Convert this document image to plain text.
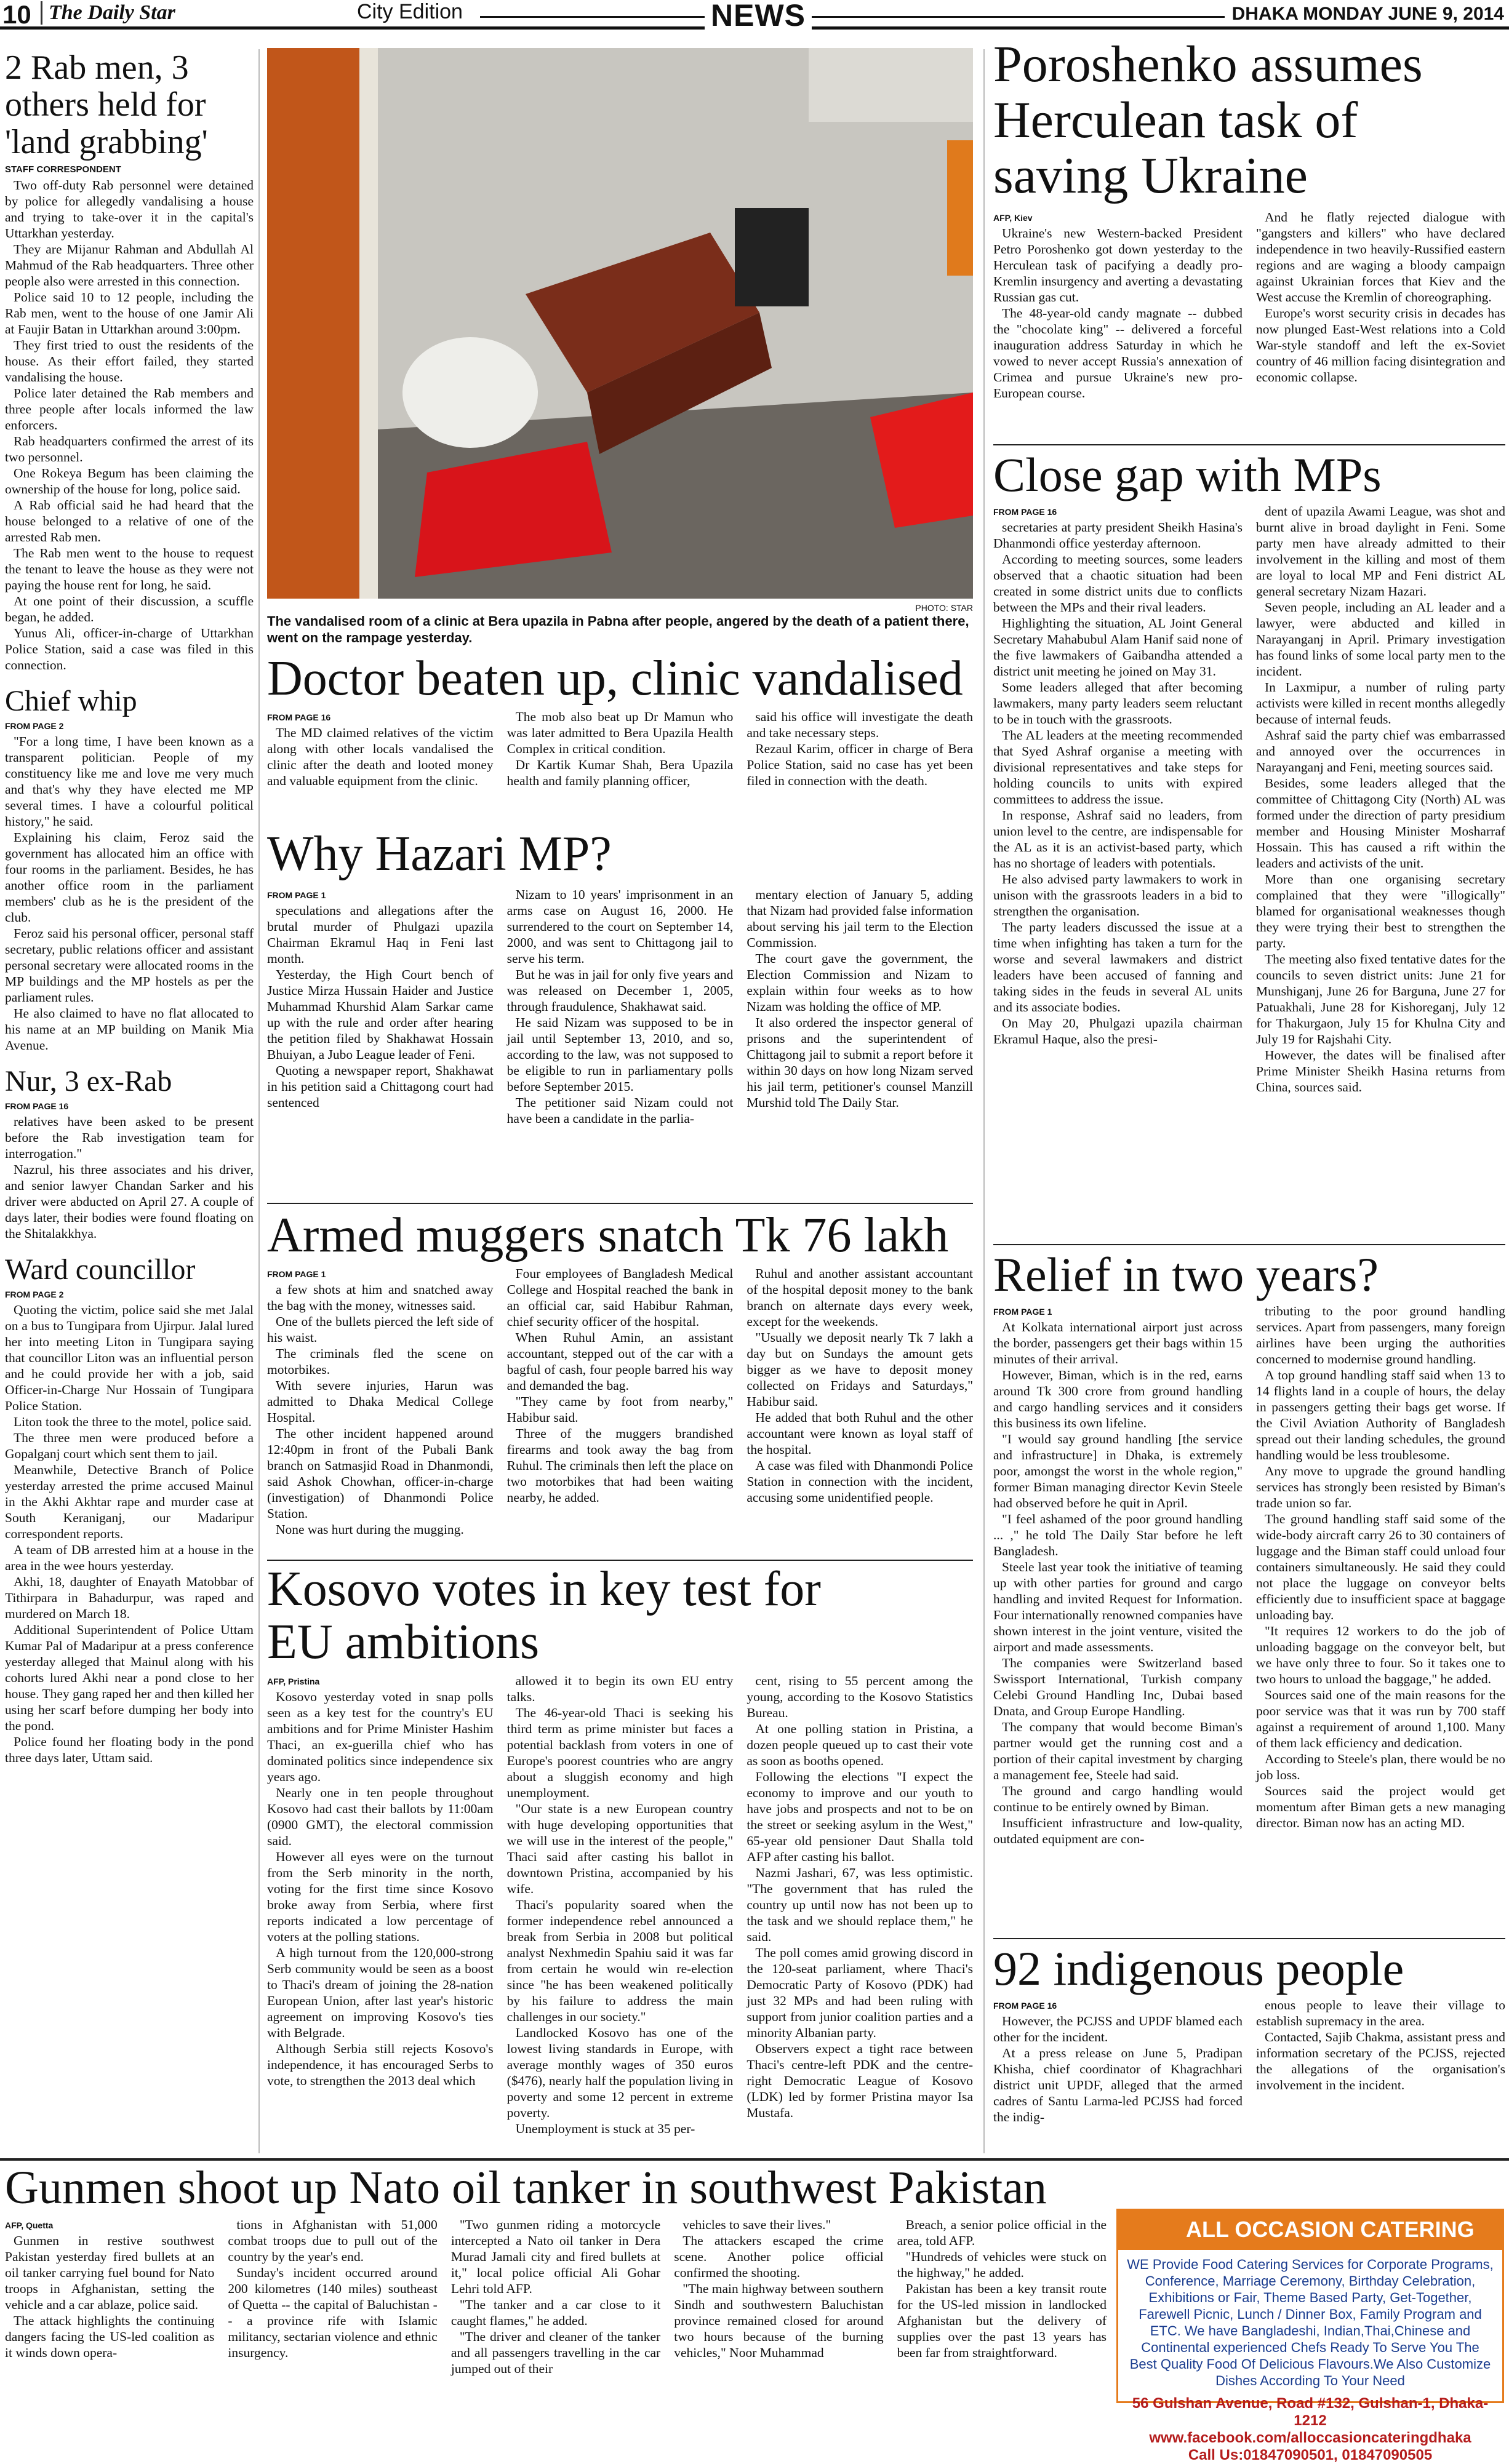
10 The Daily Star	City Edition	NEWS	DHAKA MONDAY JUNE 9, 2014
2 Rab men, 3 others held for 'land grabbing'
STAFF CORRESPONDENT

Two off-duty Rab personnel were detained by police for allegedly vandalising a house and trying to take-over it in the capital's Uttarkhan yesterday.

They are Mijanur Rahman and Abdullah Al Mahmud of the Rab headquarters. Three other people also were arrested in this connection.

Police said 10 to 12 people, including the Rab men, went to the house of one Jamir Ali at Faujir Batan in Uttarkhan around 3:00pm.

They first tried to oust the residents of the house. As their effort failed, they started vandalising the house.

Police later detained the Rab members and three people after locals informed the law enforcers.

Rab headquarters confirmed the arrest of its two personnel.

One Rokeya Begum has been claiming the ownership of the house for long, police said.

A Rab official said he had heard that the house belonged to a relative of one of the arrested Rab men.

The Rab men went to the house to request the tenant to leave the house as they were not paying the house rent for long, he said.

At one point of their discussion, a scuffle began, he added.

Yunus Ali, officer-in-charge of Uttarkhan Police Station, said a case was filed in this connection.

Chief whip
FROM PAGE 2

"For a long time, I have been known as a transparent politician. People of my constituency like me and love me very much and that's why they have elected me MP several times. I have a colourful political history," he said.

Explaining his claim, Feroz said the government has allocated him an office with four rooms in the parliament. Besides, he has another office room in the parliament members' club as he is the president of the club.

Feroz said his personal officer, personal staff secretary, public relations officer and assistant personal secretary were allocated rooms in the MP buildings and the MP hostels as per the parliament rules.

He also claimed to have no flat allocated to his name at an MP building on Manik Mia Avenue.

Nur, 3 ex-Rab
FROM PAGE 16

relatives have been asked to be present before the Rab investigation team for interrogation."

Nazrul, his three associates and his driver, and senior lawyer Chandan Sarker and his driver were abducted on April 27. A couple of days later, their bodies were found floating on the Shitalakkhya.

Ward councillor
FROM PAGE 2

Quoting the victim, police said she met Jalal on a bus to Tungipara from Ujirpur. Jalal lured her into meeting Liton in Tungipara saying that councillor Liton was an influential person and he could provide her with a job, said Officer-in-Charge Nur Hossain of Tungipara Police Station.

Liton took the three to the motel, police said.

The three men were produced before a Gopalganj court which sent them to jail.

Meanwhile, Detective Branch of Police yesterday arrested the prime accused Mainul in the Akhi Akhtar rape and murder case at South Keraniganj, our Madaripur correspondent reports.

A team of DB arrested him at a house in the area in the wee hours yesterday.

Akhi, 18, daughter of Enayath Matobbar of Tithirpara in Bahadurpur, was raped and murdered on March 18.

Additional Superintendent of Police Uttam Kumar Pal of Madaripur at a press conference yesterday alleged that Mainul along with his cohorts lured Akhi near a pond close to her house. They gang raped her and then killed her using her scarf before dumping her body into the pond.

Police found her floating body in the pond three days later, Uttam said.

PHOTO: STAR
The vandalised room of a clinic at Bera upazila in Pabna after people, angered by the death of a patient there, went on the rampage yesterday.
Doctor beaten up, clinic vandalised
FROM PAGE 16

The MD claimed relatives of the victim along with other locals vandalised the clinic after the death and looted money and valuable equipment from the clinic.

The mob also beat up Dr Mamun who was later admitted to Bera Upazila Health Complex in critical condition.

Dr Kartik Kumar Shah, Bera Upazila health and family planning officer,

said his office will investigate the death and take necessary steps.

Rezaul Karim, officer in charge of Bera Police Station, said no case has yet been filed in connection with the death.

Why Hazari MP?
FROM PAGE 1

speculations and allegations after the brutal murder of Phulgazi upazila Chairman Ekramul Haq in Feni last month.

Yesterday, the High Court bench of Justice Mirza Hussain Haider and Justice Muhammad Khurshid Alam Sarkar came up with the rule and order after hearing the petition filed by Shakhawat Hossain Bhuiyan, a Jubo League leader of Feni.

Quoting a newspaper report, Shakhawat in his petition said a Chittagong court had sentenced

Nizam to 10 years' imprisonment in an arms case on August 16, 2000. He surrendered to the court on September 14, 2000, and was sent to Chittagong jail to serve his term.

But he was in jail for only five years and was released on December 1, 2005, through fraudulence, Shakhawat said.

He said Nizam was supposed to be in jail until September 13, 2010, and so, according to the law, was not supposed to be eligible to run in parliamentary polls before September 2015.

The petitioner said Nizam could not have been a candidate in the parlia-

mentary election of January 5, adding that Nizam had provided false information about serving his jail term to the Election Commission.

The court gave the government, the Election Commission and Nizam to explain within four weeks as to how Nizam was holding the office of MP.

It also ordered the inspector general of prisons and the superintendent of Chittagong jail to submit a report before it within 30 days on how long Nizam served his jail term, petitioner's counsel Manzill Murshid told The Daily Star.

Armed muggers snatch Tk 76 lakh
FROM PAGE 1

a few shots at him and snatched away the bag with the money, witnesses said.

One of the bullets pierced the left side of his waist.

The criminals fled the scene on motorbikes.

With severe injuries, Harun was admitted to Dhaka Medical College Hospital.

The other incident happened around 12:40pm in front of the Pubali Bank branch on Satmasjid Road in Dhanmondi, said Ashok Chowhan, officer-in-charge (investigation) of Dhanmondi Police Station.

None was hurt during the mugging.

Four employees of Bangladesh Medical College and Hospital reached the bank in an official car, said Habibur Rahman, chief security officer of the hospital.

When Ruhul Amin, an assistant accountant, stepped out of the car with a bagful of cash, four people barred his way and demanded the bag.

"They came by foot from nearby," Habibur said.

Three of the muggers brandished firearms and took away the bag from Ruhul. The criminals then left the place on two motorbikes that had been waiting nearby, he added.

Ruhul and another assistant accountant of the hospital deposit money to the bank branch on alternate days every week, except for the weekends.

"Usually we deposit nearly Tk 7 lakh a day but on Sundays the amount gets bigger as we have to deposit money collected on Fridays and Saturdays," Habibur said.

He added that both Ruhul and the other accountant were known as loyal staff of the hospital.

A case was filed with Dhanmondi Police Station in connection with the incident, accusing some unidentified people.

Kosovo votes in key test for EU ambitions
AFP, Pristina

Kosovo yesterday voted in snap polls seen as a key test for the country's EU ambitions and for Prime Minister Hashim Thaci, an ex-guerilla chief who has dominated politics since independence six years ago.

Nearly one in ten people throughout Kosovo had cast their ballots by 11:00am (0900 GMT), the electoral commission said.

However all eyes were on the turnout from the Serb minority in the north, voting for the first time since Kosovo broke away from Serbia, where first reports indicated a low percentage of voters at the polling stations.

A high turnout from the 120,000-strong Serb community would be seen as a boost to Thaci's dream of joining the 28-nation European Union, after last year's historic agreement on improving Kosovo's ties with Belgrade.

Although Serbia still rejects Kosovo's independence, it has encouraged Serbs to vote, to strengthen the 2013 deal which

allowed it to begin its own EU entry talks.

The 46-year-old Thaci is seeking his third term as prime minister but faces a potential backlash from voters in one of Europe's poorest countries who are angry about a sluggish economy and high unemployment.

"Our state is a new European country with huge developing opportunities that we will use in the interest of the people," Thaci said after casting his ballot in downtown Pristina, accompanied by his wife.

Thaci's popularity soared when the former independence rebel announced a break from Serbia in 2008 but political analyst Nexhmedin Spahiu said it was far from certain he would win re-election since "he has been weakened politically by his failure to address the main challenges in our society."

Landlocked Kosovo has one of the lowest living standards in Europe, with average monthly wages of 350 euros ($476), nearly half the population living in poverty and some 12 percent in extreme poverty.

Unemployment is stuck at 35 per-

cent, rising to 55 percent among the young, according to the Kosovo Statistics Bureau.

At one polling station in Pristina, a dozen people queued up to cast their vote as soon as booths opened.

Following the elections "I expect the economy to improve and our youth to have jobs and prospects and not to be on the street or seeking asylum in the West," 65-year old pensioner Daut Shalla told AFP after casting his ballot.

Nazmi Jashari, 67, was less optimistic. "The government that has ruled the country up until now has not been up to the task and we should replace them," he said.

The poll comes amid growing discord in the 120-seat parliament, where Thaci's Democratic Party of Kosovo (PDK) had just 32 MPs and had been ruling with support from junior coalition parties and a minority Albanian party.

Observers expect a tight race between Thaci's centre-left PDK and the centre-right Democratic League of Kosovo (LDK) led by former Pristina mayor Isa Mustafa.

Poroshenko assumes Herculean task of saving Ukraine
AFP, Kiev

Ukraine's new Western-backed President Petro Poroshenko got down yesterday to the Herculean task of pacifying a deadly pro-Kremlin insurgency and averting a devastating Russian gas cut.

The 48-year-old candy magnate -- dubbed the "chocolate king" -- delivered a forceful inauguration address Saturday in which he vowed to never accept Russia's annexation of Crimea and pursue Ukraine's new pro-European course.

And he flatly rejected dialogue with "gangsters and killers" who have declared independence in two heavily-Russified eastern regions and are waging a bloody campaign against Ukrainian forces that Kiev and the West accuse the Kremlin of choreographing.

Europe's worst security crisis in decades has now plunged East-West relations into a Cold War-style standoff and left the ex-Soviet country of 46 million facing disintegration and economic collapse.

Close gap with MPs
FROM PAGE 16

secretaries at party president Sheikh Hasina's Dhanmondi office yesterday afternoon.

According to meeting sources, some leaders observed that a chaotic situation had been created in some district units due to conflicts between the MPs and their rival leaders.

Highlighting the situation, AL Joint General Secretary Mahabubul Alam Hanif said none of the five lawmakers of Gaibandha attended a district unit meeting he joined on May 31.

Some leaders alleged that after becoming lawmakers, many party leaders seem reluctant to be in touch with the grassroots.

The AL leaders at the meeting recommended that Syed Ashraf organise a meeting with divisional representatives and take steps for holding councils to units with expired committees to address the issue.

In response, Ashraf said no leaders, from union level to the centre, are indispensable for the AL as it is an activist-based party, which has no shortage of leaders with potentials.

He also advised party lawmakers to work in unison with the grassroots leaders in a bid to strengthen the organisation.

The party leaders discussed the issue at a time when infighting has taken a turn for the worse and several lawmakers and district leaders have been accused of fanning and taking sides in the feuds in several AL units and its associate bodies.

On May 20, Phulgazi upazila chairman Ekramul Haque, also the presi-

dent of upazila Awami League, was shot and burnt alive in broad daylight in Feni. Some party men have already admitted to their involvement in the killing and most of them are loyal to local MP and Feni district AL general secretary Nizam Hazari.

Seven people, including an AL leader and a lawyer, were abducted and killed in Narayanganj in April. Primary investigation has found links of some local party men to the incident.

In Laxmipur, a number of ruling party activists were killed in recent months allegedly because of internal feuds.

Ashraf said the party chief was embarrassed and annoyed over the occurrences in Narayanganj and Feni, meeting sources said.

Besides, some leaders alleged that the committee of Chittagong City (North) AL was formed under the direction of party presidium member and Housing Minister Mosharraf Hossain. This has caused a rift within the leaders and activists of the unit.

More than one organising secretary complained that they were "illogically" blamed for organisational weaknesses though they were trying their best to strengthen the party.

The meeting also fixed tentative dates for the councils to seven district units: June 21 for Munshiganj, June 26 for Barguna, June 27 for Patuakhali, June 28 for Kishoreganj, July 12 for Thakurgaon, July 15 for Khulna City and July 19 for Rajshahi City.

However, the dates will be finalised after Prime Minister Sheikh Hasina returns from China, sources said.

Relief in two years?
FROM PAGE 1

At Kolkata international airport just across the border, passengers get their bags within 15 minutes of their arrival.

However, Biman, which is in the red, earns around Tk 300 crore from ground handling and cargo handling services and it considers this business its own lifeline.

"I would say ground handling [the service and infrastructure] in Dhaka, is extremely poor, amongst the worst in the whole region," former Biman managing director Kevin Steele had observed before he quit in April.

"I feel ashamed of the poor ground handling ... ," he told The Daily Star before he left Bangladesh.

Steele last year took the initiative of teaming up with other parties for ground and cargo handling and invited Request for Information. Four internationally renowned companies have shown interest in the joint venture, visited the airport and made assessments.

The companies were Switzerland based Swissport International, Turkish company Celebi Ground Handling Inc, Dubai based Dnata, and Group Europe Handling.

The company that would become Biman's partner would get the running cost and a portion of their capital investment by charging a management fee, Steele had said.

The ground and cargo handling would continue to be entirely owned by Biman.

Insufficient infrastructure and low-quality, outdated equipment are con-

tributing to the poor ground handling services. Apart from passengers, many foreign airlines have been urging the authorities concerned to modernise ground handling.

A top ground handling staff said when 13 to 14 flights land in a couple of hours, the delay in passengers getting their bags get worse. If the Civil Aviation Authority of Bangladesh spread out their landing schedules, the ground handling would be less troublesome.

Any move to upgrade the ground handling services has strongly been resisted by Biman's trade union so far.

The ground handling staff said some of the wide-body aircraft carry 26 to 30 containers of luggage and the Biman staff could unload four containers simultaneously. He said they could not place the luggage on conveyor belts efficiently due to insufficient space at baggage unloading bay.

"It requires 12 workers to do the job of unloading baggage on the conveyor belt, but we have only three to four. So it takes one to two hours to unload the baggage," he added.

Sources said one of the main reasons for the poor service was that it was run by 700 staff against a requirement of around 1,100. Many of them lack efficiency and dedication.

According to Steele's plan, there would be no job loss.

Sources said the project would get momentum after Biman gets a new managing director. Biman now has an acting MD.

92 indigenous people
FROM PAGE 16

However, the PCJSS and UPDF blamed each other for the incident.

At a press release on June 5, Pradipan Khisha, chief coordinator of Khagrachhari district unit UPDF, alleged that the armed cadres of Santu Larma-led PCJSS had forced the indig-

enous people to leave their village to establish supremacy in the area.

Contacted, Sajib Chakma, assistant press and information secretary of the PCJSS, rejected the allegations of the organisation's involvement in the incident.

Gunmen shoot up Nato oil tanker in southwest Pakistan
AFP, Quetta

Gunmen in restive southwest Pakistan yesterday fired bullets at an oil tanker carrying fuel bound for Nato troops in Afghanistan, setting the vehicle and a car ablaze, police said.

The attack highlights the continuing dangers facing the US-led coalition as it winds down opera-

tions in Afghanistan with 51,000 combat troops due to pull out of the country by the year's end.

Sunday's incident occurred around 200 kilometres (140 miles) southeast of Quetta -- the capital of Baluchistan -- a province rife with Islamic militancy, sectarian violence and ethnic insurgency.

"Two gunmen riding a motorcycle intercepted a Nato oil tanker in Dera Murad Jamali city and fired bullets at it," local police official Ali Gohar Lehri told AFP.

"The tanker and a car close to it caught flames," he added.

"The driver and cleaner of the tanker and all passengers travelling in the car jumped out of their

vehicles to save their lives."

The attackers escaped the crime scene. Another police official confirmed the shooting.

"The main highway between southern Sindh and southwestern Baluchistan province remained closed for around two hours because of the burning vehicles," Noor Muhammad

Breach, a senior police official in the area, told AFP.

"Hundreds of vehicles were stuck on the highway," he added.

Pakistan has been a key transit route for the US-led mission in landlocked Afghanistan but the delivery of supplies over the past 13 years has been far from straightforward.

ALL OCCASION CATERING
WE Provide Food Catering Services for Corporate Programs, Conference, Marriage Ceremony, Birthday Celebration, Exhibitions or Fair, Theme Based Party, Get-Together, Farewell Picnic, Lunch / Dinner Box, Family Program and ETC. We have Bangladeshi, Indian,Thai,Chinese and Continental experienced Chefs Ready To Serve You The Best Quality Food Of Delicious Flavours.We Also Customize Dishes According To Your Need
56 Gulshan Avenue, Road #132, Gulshan-1, Dhaka-1212
www.facebook.com/alloccasioncateringdhaka
Call Us:01847090501, 01847090505
